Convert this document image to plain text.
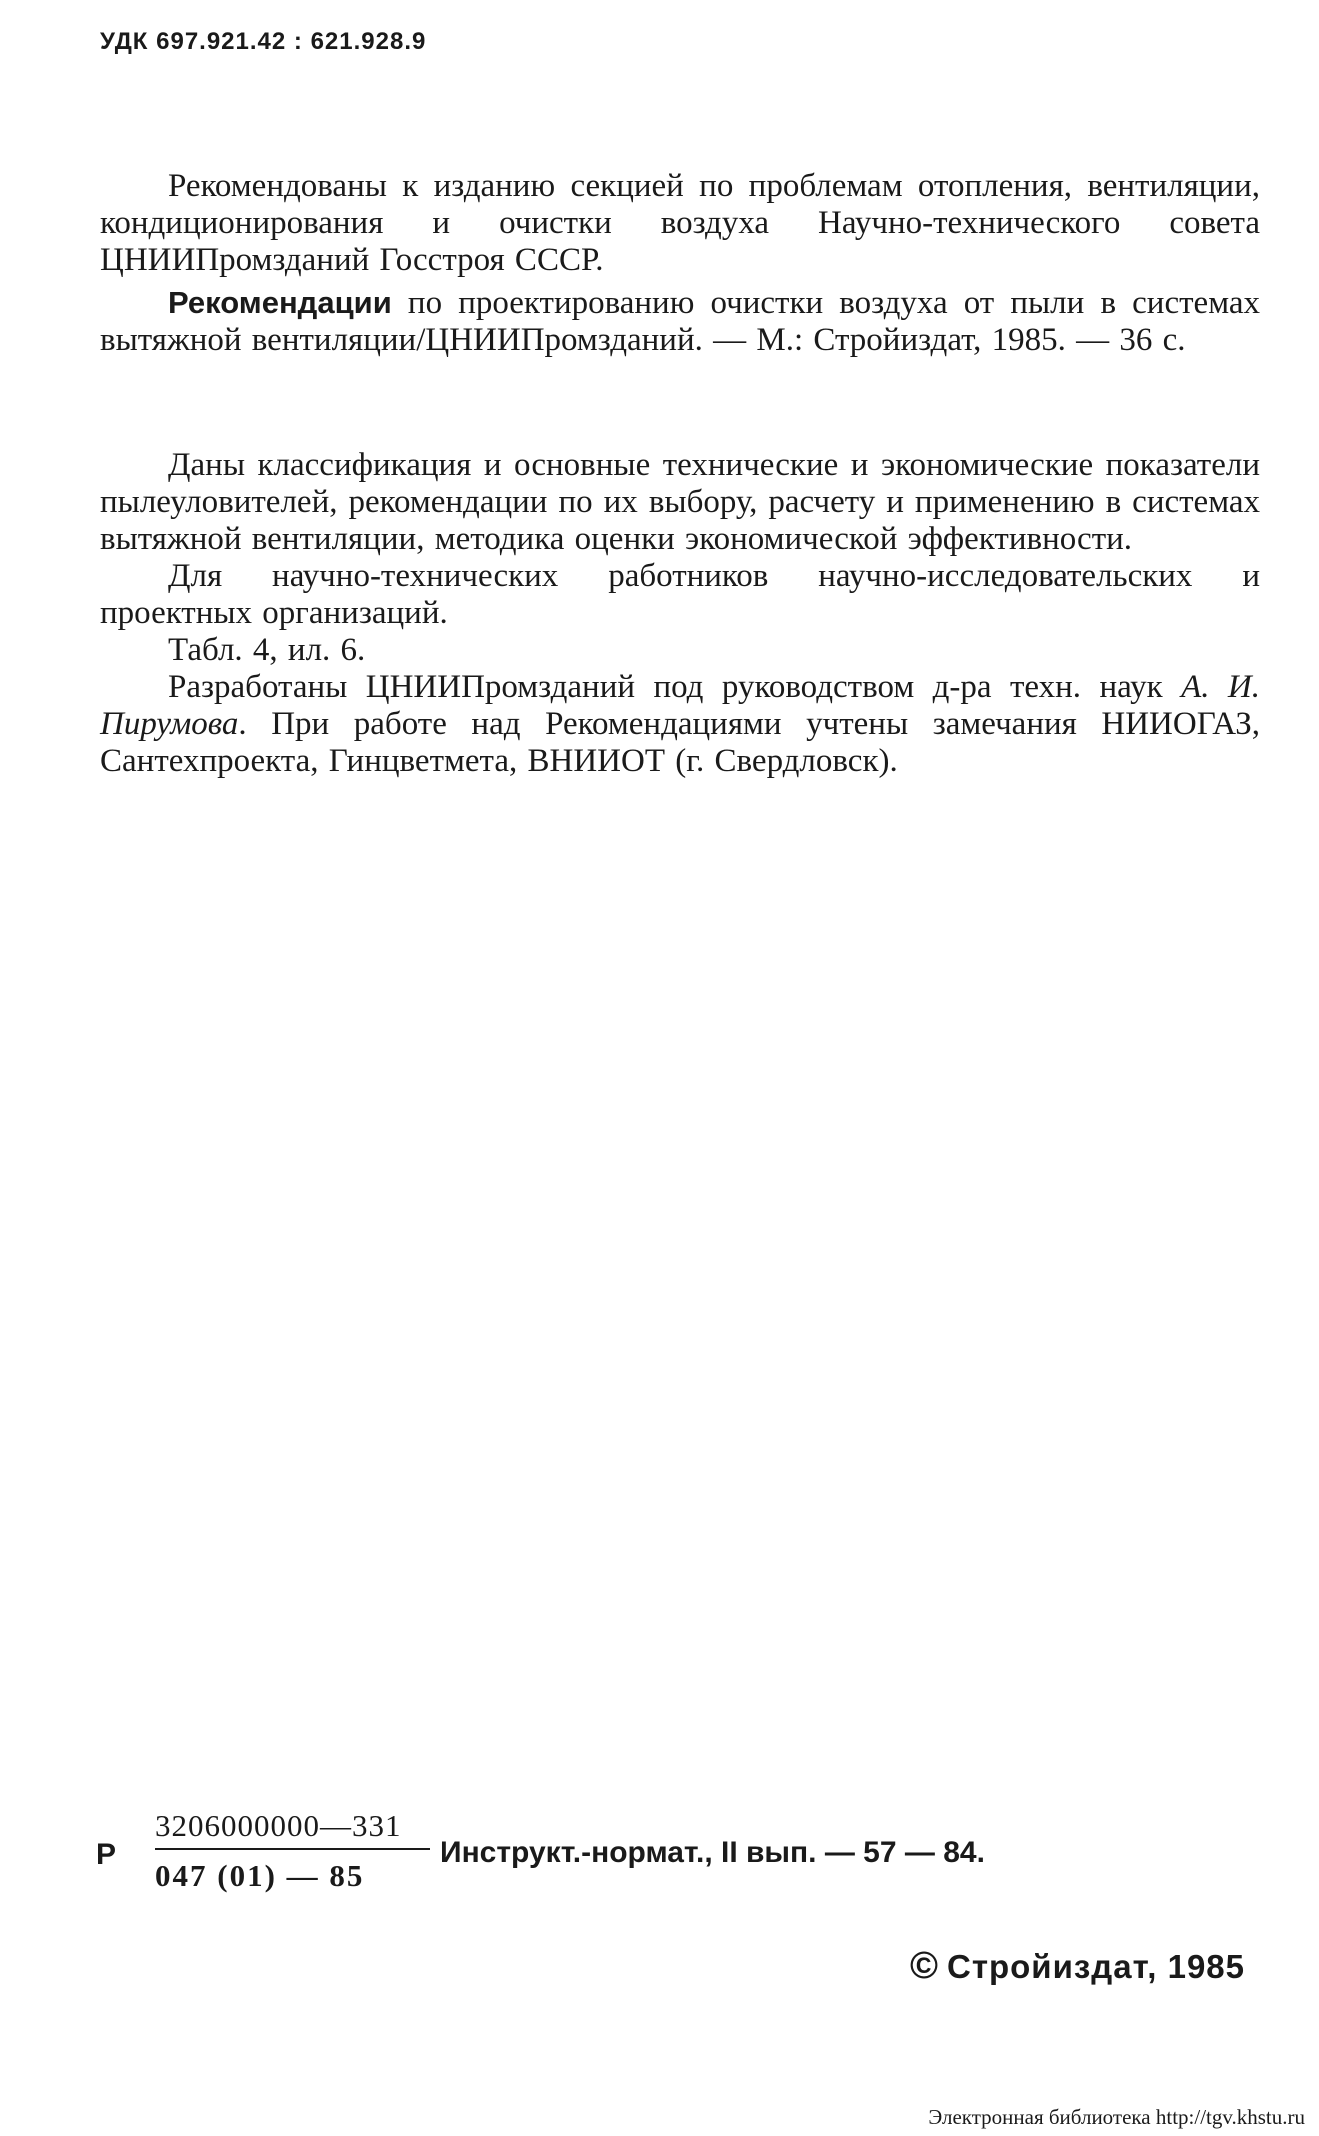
УДК 697.921.42 : 621.928.9

Рекомендованы к изданию секцией по проблемам отопления, вентиляции, кондиционирования и очистки воздуха Научно-технического совета ЦНИИПромзданий Госстроя СССР.

Рекомендации по проектированию очистки воздуха от пыли в системах вытяжной вентиляции/ЦНИИПромзданий. — М.: Стройиздат, 1985. — 36 с.

Даны классификация и основные технические и экономические показатели пылеуловителей, рекомендации по их выбору, расчету и применению в системах вытяжной вентиляции, методика оценки экономической эффективности.

Для научно-технических работников научно-исследовательских и проектных организаций.

Табл. 4, ил. 6.

Разработаны ЦНИИПромзданий под руководством д-ра техн. наук А. И. Пирумова. При работе над Рекомендациями учтены замечания НИИОГАЗ, Сантехпроекта, Гинцветмета, ВНИИОТ (г. Свердловск).

Р $\frac{3206000000—331}{047 (01) — 85}$ Инструкт.-нормат., II вып. — 57 — 84.
© Стройиздат, 1985
Электронная библиотека http://tgv.khstu.ru
